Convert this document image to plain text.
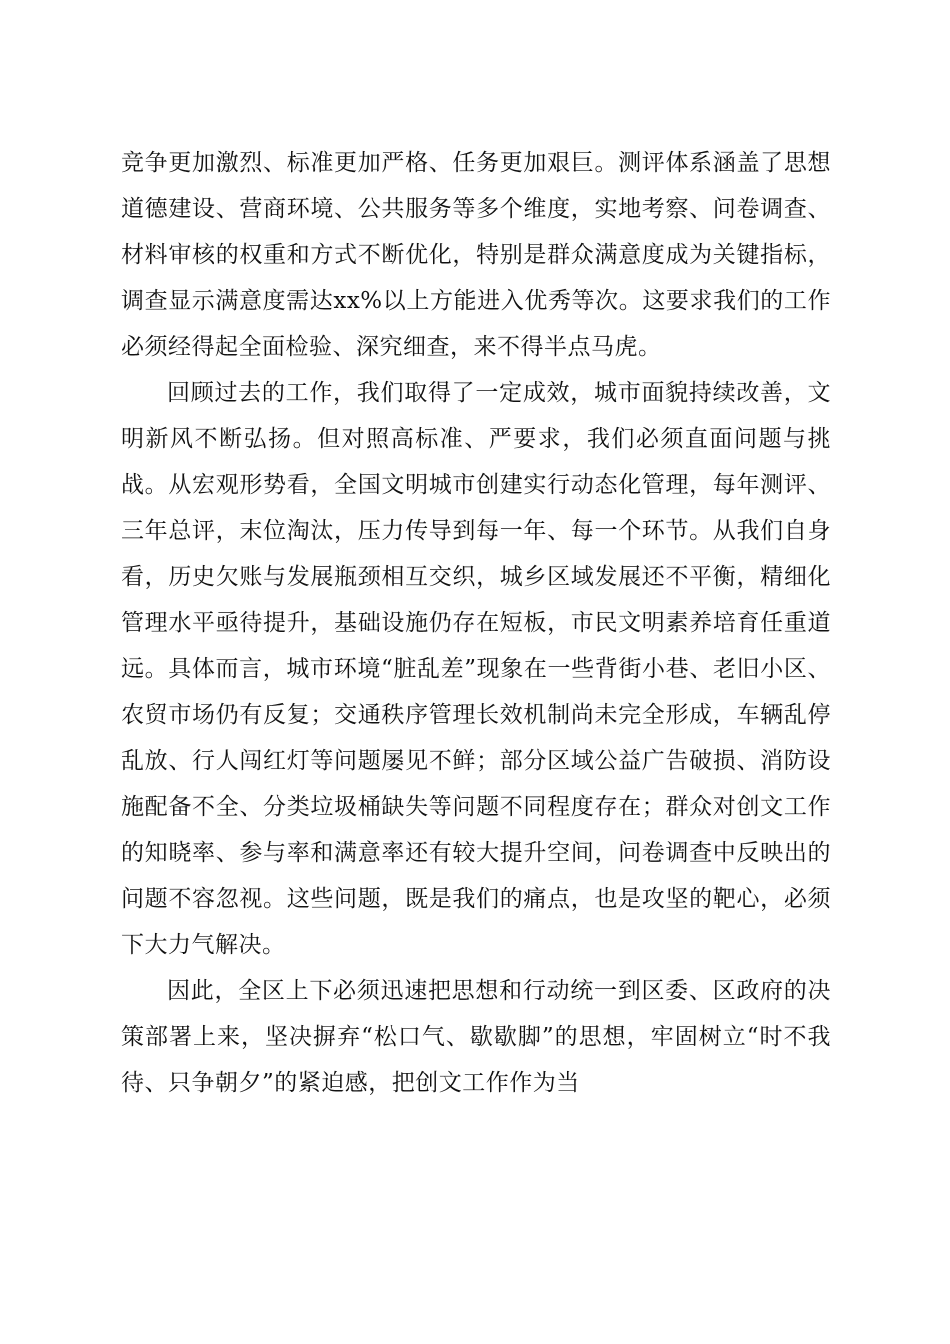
竞争更加激烈、标准更加严格、任务更加艰巨。测评体系涵盖了思想道德建设、营商环境、公共服务等多个维度，实地考察、问卷调查、材料审核的权重和方式不断优化，特别是群众满意度成为关键指标，调查显示满意度需达xx%以上方能进入优秀等次。这要求我们的工作必须经得起全面检验、深究细查，来不得半点马虎。

回顾过去的工作，我们取得了一定成效，城市面貌持续改善，文明新风不断弘扬。但对照高标准、严要求，我们必须直面问题与挑战。从宏观形势看，全国文明城市创建实行动态化管理，每年测评、三年总评，末位淘汰，压力传导到每一年、每一个环节。从我们自身看，历史欠账与发展瓶颈相互交织，城乡区域发展还不平衡，精细化管理水平亟待提升，基础设施仍存在短板，市民文明素养培育任重道远。具体而言，城市环境“脏乱差”现象在一些背街小巷、老旧小区、农贸市场仍有反复；交通秩序管理长效机制尚未完全形成，车辆乱停乱放、行人闯红灯等问题屡见不鲜；部分区域公益广告破损、消防设施配备不全、分类垃圾桶缺失等问题不同程度存在；群众对创文工作的知晓率、参与率和满意率还有较大提升空间，问卷调查中反映出的问题不容忽视。这些问题，既是我们的痛点，也是攻坚的靶心，必须下大力气解决。

因此，全区上下必须迅速把思想和行动统一到区委、区政府的决策部署上来，坚决摒弃“松口气、歇歇脚”的思想，牢固树立“时不我待、只争朝夕”的紧迫感，把创文工作作为当
